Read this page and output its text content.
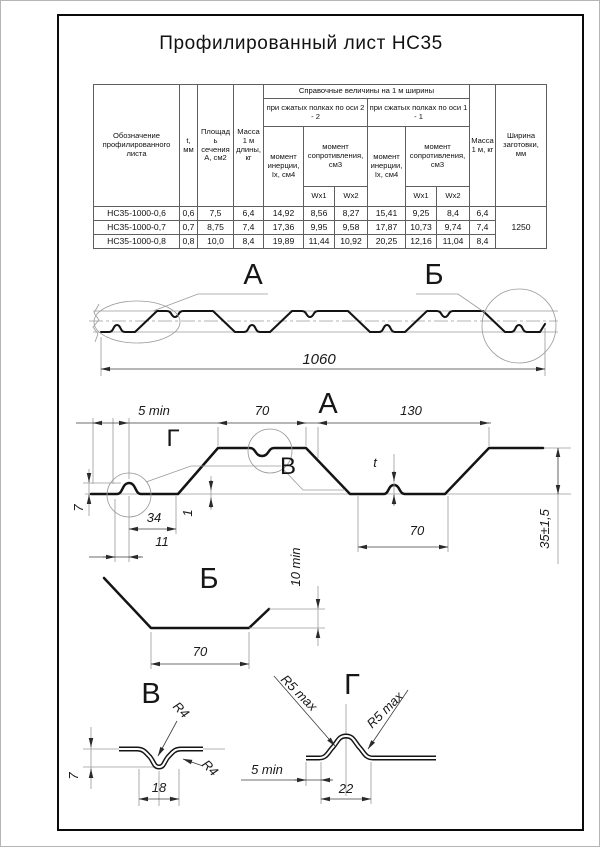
Профилированный лист НС35
Обозначение профилированного листа	t, мм	Площадь сечения А, см2	Масса 1 м длины, кг	Справочные величины на 1 м ширины						Масса 1 м, кг	Ширина заготовки, мм
				при сжатых полках по оси 2 - 2			при сжатых полках по оси 1 - 1				
				момент инерции, Ix, см4	момент сопротивления, см3		момент инерции, Ix, см4	момент сопротивления, см3			
					Wx1	Wx2		Wx1	Wx2		
НС35-1000-0,6	0,6	7,5	6,4	14,92	8,56	8,27	15,41	9,25	8,4	6,4	1250
НС35-1000-0,7	0,7	8,75	7,4	17,36	9,95	9,58	17,87	10,73	9,74	7,4	
НС35-1000-0,8	0,8	10,0	8,4	19,89	11,44	10,92	20,25	12,16	11,04	8,4	
А	Б
1060
А
Г
В
5 min	70	130
t
7
34 1
11
70	35±1,5
Б
70
10 min
В R4
R4
18
7
Г
R5 max	R5 max
5 min
22
